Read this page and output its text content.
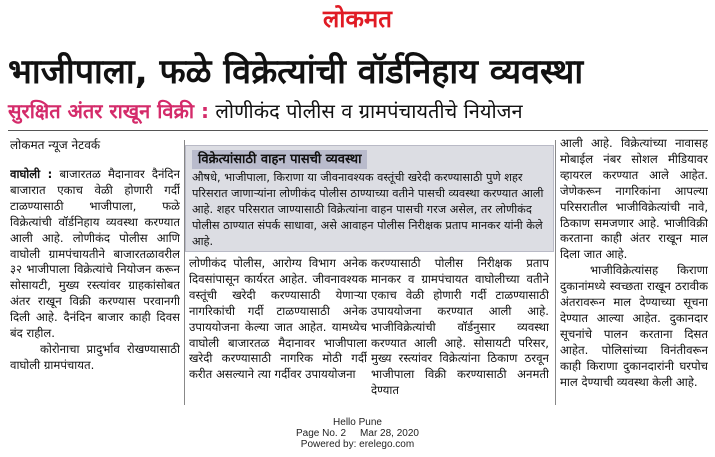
लोकमत
भाजीपाला, फळे विक्रेत्यांची वॉर्डनिहाय व्यवस्था
सुरक्षित अंतर राखून विक्री : लोणीकंद पोलीस व ग्रामपंचायतीचे नियोजन
लोकमत न्यूज नेटवर्क

वाघोली : बाजारतळ मैदानावर दैनंदिन बाजारात एकाच वेळी होणारी गर्दी टाळण्यासाठी भाजीपाला, फळे विक्रेत्यांची वॉर्डनिहाय व्यवस्था करण्यात आली आहे. लोणीकंद पोलीस आणि वाघोली ग्रामपंचायतीने बाजारतळावरील ३२ भाजीपाला विक्रेत्यांचे नियोजन करून सोसायटी, मुख्य रस्त्यांवर ग्राहकांसोबत अंतर राखून विक्री करण्यास परवानगी दिली आहे. दैनंदिन बाजार काही दिवस बंद राहील.

कोरोनाचा प्रादुर्भाव रोखण्यासाठी वाघोली ग्रामपंचायत.

विक्रेत्यांसाठी वाहन पासची व्यवस्था
औषधे, भाजीपाला, किराणा या जीवनावश्यक वस्तूंची खरेदी करण्यासाठी पुणे शहर परिसरात जाणाऱ्यांना लोणीकंद पोलीस ठाण्याच्या वतीने पासची व्यवस्था करण्यात आली आहे. शहर परिसरात जाण्यासाठी विक्रेत्यांना वाहन पासची गरज असेल, तर लोणीकंद पोलीस ठाण्यात संपर्क साधावा, असे आवाहन पोलीस निरीक्षक प्रताप मानकर यांनी केले आहे.

लोणीकंद पोलीस, आरोग्य विभाग अनेक दिवसांपासून कार्यरत आहेत. जीवनावश्यक वस्तूंची खरेदी करण्यासाठी येणाऱ्या नागरिकांची गर्दी टाळण्यासाठी अनेक उपाययोजना केल्या जात आहेत. यामध्येच वाघोली बाजारतळ मैदानावर भाजीपाला खरेदी करण्यासाठी नागरिक मोठी गर्दी करीत असल्याने त्या गर्दीवर उपाययोजना

करण्यासाठी पोलीस निरीक्षक प्रताप मानकर व ग्रामपंचायत वाघोलीच्या वतीने एकाच वेळी होणारी गर्दी टाळण्यासाठी उपाययोजना करण्यात आली आहे. भाजीविक्रेत्यांची वॉर्डनुसार व्यवस्था करण्यात आली आहे. सोसायटी परिसर, मुख्य रस्त्यांवर विक्रेत्यांना ठिकाण ठरवून भाजीपाला विक्री करण्यासाठी अनमती देण्यात

आली आहे. विक्रेत्यांच्या नावासह मोबाईल नंबर सोशल मीडियावर व्हायरल करण्यात आले आहेत. जेणेकरून नागरिकांना आपल्या परिसरातील भाजीविक्रेत्यांची नावे, ठिकाण समजणार आहे. भाजीविक्री करताना काही अंतर राखून माल दिला जात आहे.

भाजीविक्रेत्यांसह किराणा दुकानांमध्ये स्वच्छता राखून ठरावीक अंतरावरून माल देण्याच्या सूचना देण्यात आल्या आहेत. दुकानदार सूचनांचे पालन करताना दिसत आहेत. पोलिसांच्या विनंतीवरून काही किराणा दुकानदारांनी घरपोच माल देण्याची व्यवस्था केली आहे.

Hello Pune
Page No. 2 Mar 28, 2020
Powered by: erelego.com
